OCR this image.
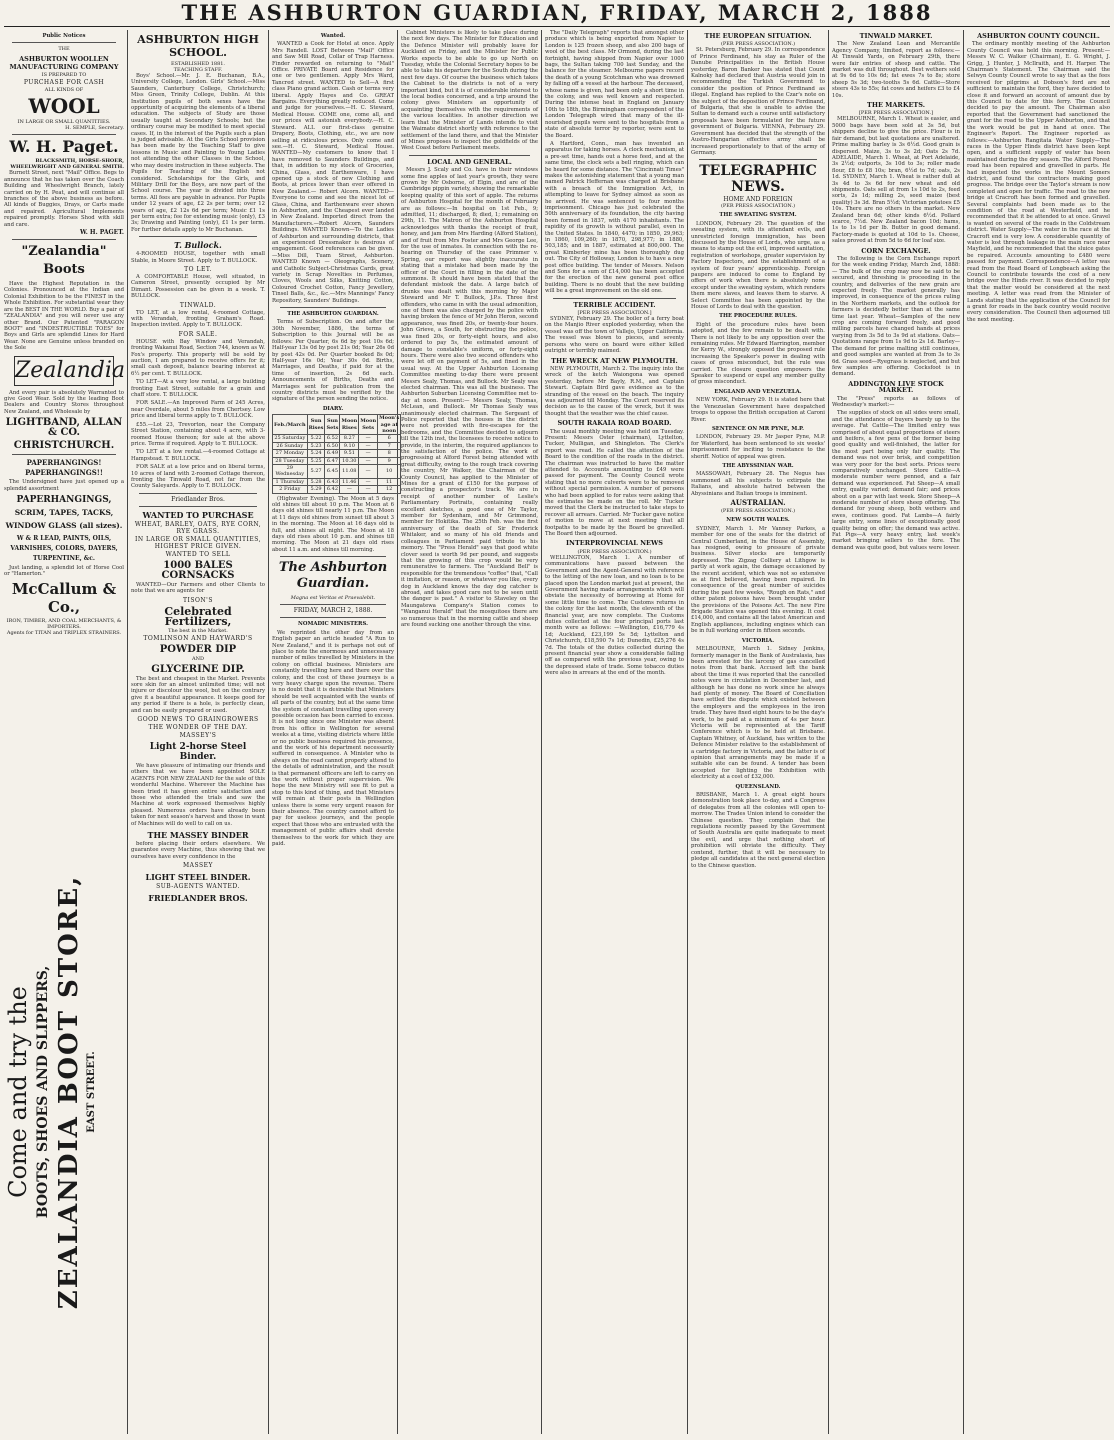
THE ASHBURTON GUARDIAN, FRIDAY, MARCH 2, 1888
Public Notices
THE
ASHBURTON WOOLLEN MANUFACTURING COMPANY
IS PREPARED TO
PURCHASE FOR CASH
ALL KINDS OF
WOOL
IN LARGE OR SMALL QUANTITIES.
H. SEMPLE, Secretary.
W. H. Paget.
BLACKSMITH, HORSE-SHOER, WHEELWRIGHT AND GENERAL SMITH.
Burnett Street, next "Mail" Office. Begs to announce that he has taken over the Coach Building and Wheelwright Branch, lately carried on by H. Peat, and will continue all branches of the above business as before. All kinds of Buggies, Drays, or Carts made and repaired. Agricultural Implements repaired promptly. Horses Shod with skill and care.
W. H. PAGET.
"Zealandia" Boots
Have the Highest Reputation in the Colonies. Pronounced at the Indian and Colonial Exhibition to be the FINEST in the Whole Exhibition. For substantial wear they are the BEST IN THE WORLD. Buy a pair of "ZEALANDIA" and you will never use any other Brand. Our Patented "PARAGON BOOT" and "INDESTRUCTIBLE TOES" for Boys and Girls are splendid Lines for Hard Wear. None are Genuine unless branded on the Sole
Zealandia
And every pair is absolutely Warranted to give Good Wear. Sold by the leading Boot Dealers and Country Stores throughout New Zealand, and Wholesale by
LIGHTBAND, ALLAN & CO.
CHRISTCHURCH.
PAPERHANGINGS! PAPERHANGINGS!!
The Undersigned have just opened up a splendid assortment
PAPERHANGINGS,
SCRIM, TAPES, TACKS,
WINDOW GLASS (all sizes).
W & R LEAD, PAINTS, OILS, VARNISHES, COLORS, DAYERS, TURPENTINE, &c.
Just landing, a splendid lot of Horse Cool or "Hamerton."
McCallum & Co.,
IRON, TIMBER, AND COAL MERCHANTS, & IMPORTERS.
Agents for TITAN and TRIPLEX STRAINERS.
Come and try the BOOTS, SHOES AND SLIPPERS, ZEALANDIA BOOT STORE, EAST STREET.
ASHBURTON HIGH SCHOOL.
ESTABLISHED 1881.
TEACHING STAFF.
Boys' School.—Mr. J. E. Buchanan, B.A., University College, London. Girls' School.—Miss Saunders, Canterbury College, Christchurch; Miss Green, Trinity College, Dublin. At this Institution pupils of both sexes have the opportunity of acquiring the elements of a liberal education. The subjects of Study are those usually taught at Secondary Schools; but the ordinary course may be modified to meet special cases. If, in the interest of the Pupils such a plan is judged advisable. At the Girls School provision has been made by the Teaching Staff to give lessons in Music and Painting to Young Ladies not attending the other Classes in the School, who may desire instruction in these subjects. The Pupils for Teaching of the English not considered. Scholarships for the Girls, and Military Drill for the Boys, are now part of the School course. The year is divided into three terms. All fees are payable in advance. For Pupils under 12 years of age, £2 2s per term; over 12 years of age, £2 12s 6d per term; Music £1 1s per term extra; fee for extending music (only), £3 3s; Drawing and Painting (only), £1 1s per term. For further details apply to Mr Buchanan.
T. Bullock.
4-ROOMED HOUSE, together with small Stable, in Moore Street. Apply to T. BULLOCK.
TO LET.
A COMFORTABLE House, well situated, in Cameron Street, presently occupied by Mr Dimant. Possession can be given in a week. T. BULLOCK.
TINWALD.
TO LET, at a low rental, 4-roomed Cottage, with Verandah, fronting Graham's Road. Inspection invited. Apply to T. BULLOCK.
FOR SALE.
HOUSE with Bay Window and Verandah, fronting Wakanui Road, Section 744, known as W. Fox's property. This property will be sold by auction, I am prepared to receive offers for it; small cash deposit, balance bearing interest at 6½ per cent. T. BULLOCK.
TO LET—At a very low rental, a large building fronting East Street, suitable for a grain and chaff store. T. BULLOCK.
FOR SALE.—An Improved Farm of 245 Acres, near Overdale, about 5 miles from Chertsey. Low price and liberal terms apply to T. BULLOCK.
£55.—Lot 23, Trevorton, near the Company Street Station, containing about 4 acre, with 3-roomed House thereon; for sale at the above price. Terms if required. Apply to T. BULLOCK.
TO LET at a low rental.—4-roomed Cottage at Hampstead. T. BULLOCK.
FOR SALE at a low price and on liberal terms, 10 acres of land with 2-roomed Cottage thereon, fronting the Tinwald Road, not far from the County Saleyards. Apply to T. BULLOCK.
Friedlander Bros.
WANTED TO PURCHASE
WHEAT, BARLEY, OATS, RYE CORN, RYE GRASS.
IN LARGE OR SMALL QUANTITIES, HIGHEST PRICE GIVEN.
WANTED TO SELL
1000 BALES CORNSACKS
WANTED—Our Farmers and other Clients to note that we are agents for
TISON'S
Celebrated Fertilizers,
The best in the Market.
TOMLINSON AND HAYWARD'S
POWDER DIP
AND
GLYCERINE DIP.
The best and cheapest in the Market. Prevents sore skin for an almost unlimited time; will not injure or discolour the wool, but on the contrary give it a beautiful appearance. It keeps good for any period if there is a hole, is perfectly clean, and can be easily prepared or used.
GOOD NEWS TO GRAINGROWERS
THE WONDER OF THE DAY.
MASSEY'S
Light 2-horse Steel Binder.
We have pleasure of intimating our friends and others that we have been appointed SOLE AGENTS FOR NEW ZEALAND for the sale of this wonderful Machine. Wherever the Machine has been tried it has given entire satisfaction and those who attended the trials and saw the Machine at work expressed themselves highly pleased. Numerous orders have already been taken for next season's harvest and those in want of Machines will do well to call on us.
THE MASSEY BINDER
before placing their orders elsewhere. We guarantee every Machine, thus showing that we ourselves have every confidence in the
MASSEY
LIGHT STEEL BINDER.
SUB-AGENTS WANTED.
FRIEDLANDER BROS.
Wanted.
WANTED a Cook for Hotel at once. Apply Mrs Randell. LOST Between "Mail" Office and Saw Mill Road, Collar of Trap Harness. Finder rewarded on returning to "Mail" Office. PRIVATE Board and Residence for one or two gentlemen. Apply Mrs Ward, Tancred street. WANTED to Sell—A first class Piano grand action. Cash or terms very liberal. Apply Hayes and Co. GREAT Bargains. Everything greatly reduced. Come and judge for yourselves.—H. C. Steward, Medical House. COME one, come all, and our prices will astonish everybody.—H. C. Steward. ALL our first-class genuine Drapery, Boots, Clothing, etc., we are now selling at ridiculous prices. Only come and see.—H. C. Steward, Medical House. WANTED—My customers to know that I have removed to Saunders Buildings, and that, in addition to my stock of Groceries, China, Glass, and Earthenware, I have opened up a stock of new Clothing and Boots, at prices lower than ever offered in New Zealand.— Robert Alcorn. WANTED—Everyone to come and see the nicest lot of Glass, China, and Earthenware ever shown in Ashburton, and the Cheapest ever landed in New Zealand. Imported direct from the Manufacturers.—Robert Alcorn, Saunders Buildings. WANTED Known—To the Ladies of Ashburton and surrounding districts, that an experienced Dressmaker is desirous of engagement. Good references can be given.—Miss Dill, Tuam Street, Ashburton. WANTED Known — Oleographs, Scenery, and Catholic Subject-Christmas Cards, great variety in Scrap Novelties in Perfumes, Cloves, Wools and Silks, Knitting Cotton, Coloured Crochet Cotton, Fancy Jewellery, Tinsel Balls, &c., &c.—Mrs Mannings' Fancy Repository, Saunders' Buildings.
THE ASHBURTON GUARDIAN.
Terms of Subscription. On and after the 30th November, 1886, the terms of Subscription to this Journal will be as follows: Per Quarter, 6s 6d by post 10s 6d; Half-year 13s 0d by post 21s 0d; Year 26s 0d by post 42s 0d. Per Quarter booked 8s 0d; Half-year 16s 0d; Year 30s 0d. Births, Marriages, and Deaths, if paid for at the time of insertion, 2s 6d each. Announcements of Births, Deaths and Marriages sent for publication from the country districts must be verified by the signature of the person sending the notice.
DIARY.
Feb./March	Sun Rises	Sun Sets	Moon Rises	Moon Sets	Moon's age at noon
25 Saturday	5.22	6.52	8.27	—	6
26 Sunday	5.23	6.50	9.10	—	7
27 Monday	5.24	6.49	9.51	—	8
28 Tuesday	5.25	6.47	10.30	—	9
29 Wednesday	5.27	6.45	11.08	—	10
1 Thursday	5.28	6.43	11.46	—	11
2 Friday	5.29	6.42	—	—	12
(Highwater Evening). The Moon at 5 days old shines till about 10 p.m. The Moon at 6 days old shines till nearly 11 p.m. The Moon at 11 days old shines from sunset till about 3 in the morning. The Moon at 16 days old is full, and shines all night. The Moon at 18 days old rises about 10 p.m. and shines till morning. The Moon at 21 days old rises about 11 a.m. and shines till morning.
The Ashburton Guardian.
Magna est Veritas et Praevalebit.
FRIDAY, MARCH 2, 1888.
NOMADIC MINISTERS.
We reprinted the other day from an English paper an article headed "A Run to New Zealand," and it is perhaps not out of place to note the enormous and unnecessary number of miles travelled by Ministers in the colony on official business. Ministers are constantly travelling here and there over the colony, and the cost of these journeys is a very heavy charge upon the revenue. There is no doubt that it is desirable that Ministers should be well acquainted with the wants of all parts of the country, but at the same time the system of constant travelling upon every possible occasion has been carried to excess. It is not long since one Minister was absent from his office in Wellington for several weeks at a time, visiting districts where little or no public business required his presence, and the work of his department necessarily suffered in consequence. A Minister who is always on the road cannot properly attend to the details of administration, and the result is that permanent officers are left to carry on the work without proper supervision. We hope the new Ministry will see fit to put a stop to this kind of thing, and that Ministers will remain at their posts in Wellington unless there is some very urgent reason for their absence. The country cannot afford to pay for useless journeys, and the people expect that those who are entrusted with the management of public affairs shall devote themselves to the work for which they are paid.
Cabinet Ministers is likely to take place during the next few days. The Minister for Education and the Defence Minister will probably leave for Auckland on Friday, and the Minister for Public Works expects to be able to go up North on Tuesday, while the Colonial Secretary hopes to be able to take his departure for the South during the next few days. Of course the business which takes the Cabinet to the districts is not of a very important kind, but it is of considerable interest to the local bodies concerned, and a trip around the colony gives Ministers an opportunity of acquainting themselves with the requirements of the various localities. In another direction we learn that the Minister of Lands intends to visit the Waimate district shortly with reference to the settlement of the land there, and that the Minister of Mines proposes to inspect the goldfields of the West Coast before Parliament meets.
LOCAL AND GENERAL.
Messrs J. Scaly and Co. have in their windows some fine apples of last year's growth, they were grown by Mr Osborne, of Elgin, and are of the Cambridge pippin variety, showing the remarkable keeping quality of this sort of apple. The returns of Ashburton Hospital for the month of February are as follows:—In hospital on 1st Feb., 9; admitted, 11; discharged, 8; died, 1; remaining on 29th, 11. The Matron of the Ashburton Hospital acknowledges with thanks the receipt of fruit, honey, and jam from Mrs Harding (Alford Station), and of fruit from Mrs Foster and Mrs George Lee, for the use of inmates. In connection with the re-hearing on Thursday of the case Primmer v. Spring, our report was slightly inaccurate in stating that a mistake had been made by the officer of the Court in filling in the date of the summons. It should have been stated that the defendant mistook the date. A large batch of drunks was dealt with this morning by Major Steward and Mr T. Bullock, J.P.s. Three first offenders, who came in with the usual admonition, one of them was also charged by the police with having broken the fence of Mr John Heron, second appearance, was fined 20s, or twenty-four hours. John Grieve, a South, for obstructing the police, was fined 20s, or forty-eight hours, and also ordered to pay 5s, the estimated amount of damage to constable's uniform, or forty-eight hours. There were also two second offenders who were let off on payment of 5s, and fined in the usual way. At the Upper Ashburton Licensing Committee meeting to-day there were present Messrs Sealy, Thomas, and Bullock. Mr Sealy was elected chairman. This was all the business. The Ashburton Suburban Licensing Committee met to-day at noon. Present:— Messrs Sealy, Thomas, McLean, and Bullock. Mr Thomas Sealy was unanimously elected chairman. The Sergeant of Police reported that the houses in the district were not provided with fire-escapes for the bedrooms, and the Committee decided to adjourn till the 12th inst, the licensees to receive notice to provide, in the interim, the required appliances to the satisfaction of the police. The work of progressing at Alford Forest being attended with great difficulty, owing to the rough track covering the country, Mr Walker, the Chairman of the County Council, has applied to the Minister of Mines for a grant of £150 for the purpose of constructing a prospector's track. We are in receipt of another number of Leslie's Parliamentary Portraits, containing really excellent sketches, a good one of Mr Taylor, member for Sydenham, and Mr Grimmond, member for Hokitika. The 25th Feb. was the first anniversary of the death of Sir Frederick Whitaker, and so many of his old friends and colleagues in Parliament paid tribute to his memory. The "Press Herald" says that good white clover seed is worth 9d per pound, and suggests that the growing of this crop would be very remunerative to farmers. The "Auckland Bell" is responsible for the tremendous "coffee" that, "Call it imitation, or reason, or whatever you like, every dog in Auckland knows the day dog catcher is abroad, and takes good care not to be seen until the danger is past." A visitor to Staveley on the Maungatewa Company's Station comes to "Wanganui Herald" that the mosquitoes there are so numerous that in the morning cattle and sheep are found sucking one another through the vine.
The "Daily Telegraph" reports that amongst other produce which is being exported from Napier to London is 125 frozen sheep, and also 200 bags of wool of the best class. Mr Ormond, during the last fortnight, having shipped from Napier over 1000 bags, the Sultan taking 700 last Sunday, and the balance for the steamer. Melbourne papers record the death of a young Scotchman who was drowned by falling off a vessel at the harbour. The deceased, whose name is given, had been only a short time in the colony, and was well known and respected. During the intense heat in England on January 10th to 18th, the Birmingham correspondent of the London Telegraph wired that many of the ill-nourished pupils were sent to the hospitals from a state of absolute terror by reporter, were sent to the Board.
A Hartford, Conn., man has invented an apparatus for taking horses. A clock mechanism, at a pre-set time, hands out a horse feed, and at the same time, the clock sets a bell ringing, which can be heard for some distance. The "Cincinnati Times" makes the astonishing statement that a young man named Patrick Heffernan was charged at Brisbane with a breach of the Immigration Act, in attempting to leave for Sydney almost as soon as he arrived. He was sentenced to four months imprisonment. Chicago has just celebrated the 50th anniversary of its foundation, the city having been formed in 1837, with 4170 inhabitants. The rapidity of its growth is without parallel, even in the United States. In 1840, 4470; in 1850, 29,963; in 1860, 109,260; in 1870, 298,977; in 1880, 503,185; and in 1887, estimated at 800,000. The great Kimberley mine has been thoroughly dug out. The City of Holloway, London is to have a new post office building. The tender of Messrs. Nelson and Sons for a sum of £14,000 has been accepted for the erection of the new general post office building. There is no doubt that the new building will be a great improvement on the old one.
TERRIBLE ACCIDENT.
[PER PRESS ASSOCIATION.]
SYDNEY, February 29. The boiler of a ferry boat on the Manjio River exploded yesterday, when the vessel was off the town of Vallejo, Upper California. The vessel was blown to pieces, and seventy persons who were on board were either killed outright or terribly maimed.
THE WRECK AT NEW PLYMOUTH.
NEW PLYMOUTH, March 2. The inquiry into the wreck of the ketch Waiongona was opened yesterday, before Mr Bayly, R.M., and Captain Stewart. Captain Bird gave evidence as to the stranding of the vessel on the beach. The inquiry was adjourned till Monday. The Court reserved its decision as to the cause of the wreck, but it was thought that the weather was the chief cause.
SOUTH RAKAIA ROAD BOARD.
The usual monthly meeting was held on Tuesday. Present: Messrs Oster (chairman), Lyttelton, Tucker, Mulligan, and Shingleton. The Clerk's report was read. He called the attention of the Board to the condition of the roads in the district. The chairman was instructed to have the matter attended to. Accounts amounting to £49 were passed for payment. The County Council wrote stating that no more culverts were to be removed without special permission. A number of persons who had been applied to for rates were asking that the estimates be made on the roll. Mr Tucker moved that the Clerk be instructed to take steps to recover all arrears. Carried. Mr Tucker gave notice of motion to move at next meeting that all footpaths to be made by the Board be gravelled. The Board then adjourned.
INTERPROVINCIAL NEWS
(PER PRESS ASSOCIATION.)
WELLINGTON, March 1. A number of communications have passed between the Government and the Agent-General with reference to the letting of the new loan, and no loan is to be placed upon the London market just at present, the Government having made arrangements which will obviate the necessity of borrowing at Home for some little time to come. The Customs returns in the colony for the last month, the eleventh of the financial year, are now complete. The Customs duties collected at the four principal ports last month were as follows: —Wellington, £16,779 4s 1d; Auckland, £23,199 5s 5d; Lyttelton and Christchurch, £18,590 7s 1d; Dunedin, £25,276 4s 7d. The totals of the duties collected during the present financial year show a considerable falling off as compared with the previous year, owing to the depressed state of trade. Some tobacco duties were also in arrears at the end of the month.
THE EUROPEAN SITUATION.
(PER PRESS ASSOCIATION.)
St. Petersburg, February 29. In correspondence of Prince Ferdinand, his stay as Ruler of the Danube Principalities in the British House yesterday, Baron Banker has stated that Count Kalnoky had declared that Austria would join in recommending the Turkish Government to consider the position of Prince Ferdinand as illegal. England has replied to the Czar's note on the subject of the deposition of Prince Ferdinand, of Bulgaria, that she is unable to advise the Sultan to demand such a course until satisfactory proposals have been formulated for the future government of Bulgaria. VIENNA, February 29. Government has decided that the strength of the Austro-Hungarian effective army shall be increased proportionately to that of the army of Germany.
TELEGRAPHIC NEWS.
HOME AND FOREIGN
(PER PRESS ASSOCIATION.)
THE SWEATING SYSTEM.
LONDON, February 29. The question of the sweating system, with its attendant evils, and unrestricted foreign immigration, has been discussed by the House of Lords, who urge, as a means to stamp out the evil, improved sanitation, registration of workshops, greater supervision by Factory Inspectors, and the establishment of a system of four years' apprenticeship. Foreign paupers are induced to come to England by offers of work when there is absolutely none except under the sweating system, which renders them mere slaves, and leaves them to starve. A Select Committee has been appointed by the House of Lords to deal with the question.
THE PROCEDURE RULES.
Eight of the procedure rules have been adopted, and the few remain to be dealt with. There is not likely to be any opposition over the remaining rules. Mr Edward Harrington, member for Kerry W., strongly opposed the proposed rule increasing the Speaker's power in dealing with cases of gross misconduct, but the rule was carried. The closure question empowers the Speaker to suspend or expel any member guilty of gross misconduct.
ENGLAND AND VENEZUELA.
NEW YORK, February 29. It is stated here that the Venezuelan Government have despatched troops to oppose the British occupation at Caroni River.
SENTENCE ON MR PYNE, M.P.
LONDON, February 29. Mr Jasper Pyne, M.P. for Waterford, has been sentenced to six weeks' imprisonment for inciting to resistance to the sheriff. Notice of appeal was given.
THE ABYSSINIAN WAR.
MASSOWAH, February 28. The Negus has summoned all his subjects to extirpate the Italians, and absolute hatred between the Abyssinians and Italian troops is imminent.
AUSTRALIAN.
(PER PRESS ASSOCIATION.)
NEW SOUTH WALES.
SYDNEY, March 1. Mr Vanney Parkes, a member for one of the seats for the district of Central Cumberland, in the House of Assembly, has resigned, owing to pressure of private business. Silver stocks are temporarily depressed. The Zigzag Colliery at Lithgow is partly at work again, the damage occasioned by the recent accident, which was not so extensive as at first believed, having been repaired. In consequence of the great number of suicides during the past few weeks, "Rough on Rats," and other patent poisons have been brought under the provisions of the Poisons Act. The new Fire Brigade Station was opened this evening. It cost £14,000, and contains all the latest American and English appliances, including engines which can be in full working order in fifteen seconds.
VICTORIA.
MELBOURNE, March 1. Sidney Jenkins, formerly manager in the Bank of Australasia, has been arrested for the larceny of gas cancelled notes from that bank. Accused left the bank about the time it was reported that the cancelled notes were in circulation in December last, and although he has done no work since he always had plenty of money. The Board of Conciliation have settled the dispute which existed between the employers and the employees in the iron trade. They have fixed eight hours to be the day's work, to be paid at a minimum of 4s per hour. Victoria will be represented at the Tariff Conference which is to be held at Brisbane. Captain Whitney, of Auckland, has written to the Defence Minister relative to the establishment of a cartridge factory in Victoria, and the latter is of opinion that arrangements may be made if a suitable site can be found. A tender has been accepted for lighting the Exhibition with electricity at a cost of £32,000.
QUEENSLAND.
BRISBANE, March 1. A great eight hours demonstration took place to-day, and a Congress of delegates from all the colonies will open to-morrow. The Trades Union intend to consider the Chinese question. They complain that the regulations recently passed by the Government of South Australia are quite inadequate to meet the evil, and urge that nothing short of prohibition will obviate the difficulty. They contend, further, that it will be necessary to pledge all candidates at the next general election to the Chinese question.
TINWALD MARKET.
The New Zealand Loan and Mercantile Agency Company, limited, report as follows:—At Tinwald Yards, on February 29th, there were fair entries of sheep and cattle. The market was dull throughout. Best wethers sold at 9s 6d to 10s 6d; fat ewes 7s to 8s; store sheep 5s 3d; two-tooths 5s 6d. Cattle—Store steers 43s to 55s; fat cows and heifers £3 to £4 10s.
THE MARKETS.
[PER PRESS ASSOCIATION.]
MELBOURNE, March 1. Wheat is easier, and 5000 bags have been sold at 3s 5d, but shippers decline to give the price. Flour is in fair demand, but last quotations are unaltered. Prime malting barley is 3s 6½d. Good grain is dispersed. Maize, 3s to 3s 2d; Oats 2s 7d. ADELAIDE, March 1. Wheat, at Port Adelaide, 3s 2½d; outports, 3s 10d to 3s; roller made flour, £8 to £8 10s; bran, 6½d to 7d; oats, 2s 1d. SYDNEY, March 1. Wheat is rather dull at 3s 4d to 3s 6d for new wheat and old shipments. Oats sell at from 1s 10d to 2s, feed sorts, 2s 1d; milling 2s, seed maize (best quality) 3s 3d. Bran 5½d; Victorian potatoes £5 10s. There are no others in the market. New Zealand bran 6d; other kinds 6½d. Pollard scarce, 7½d. New Zealand bacon 10d; hams, 1s to 1s 1d per lb. Butter in good demand. Factory-made is quoted at 10d to 1s. Cheese, sales proved at from 5d to 6d for loaf size.
CORN EXCHANGE.
The following is the Corn Exchange report for the week ending Friday, March 2nd, 1888:— The bulk of the crop may now be said to be secured, and threshing is proceeding in the country, and deliveries of the new grain are expected freely. The market generally has improved, in consequence of the prices ruling in the Northern markets, and the outlook for farmers is decidedly better than at the same time last year. Wheat—Samples of the new crop are coming forward freely, and good milling parcels have changed hands at prices varying from 3s 5d to 3s 9d at stations. Oats—Quotations range from 1s 9d to 2s 1d. Barley—The demand for prime malting still continues, and good samples are wanted at from 3s to 3s 6d. Grass seed—Ryegrass is neglected, and but few samples are offering. Cocksfoot is in demand.
ADDINGTON LIVE STOCK MARKET.
The "Press" reports as follows of Wednesday's market:—
The supplies of stock on all sides were small, and the attendance of buyers barely up to the average. Fat Cattle—The limited entry was comprised of about equal proportions of steers and heifers, a few pens of the former being good quality and well-finished, the latter for the most part being only fair quality. The demand was not over brisk, and competition was very poor for the best sorts. Prices were comparatively unchanged. Store Cattle—A moderate number were penned, and a fair demand was experienced. Fat Sheep—A small entry, quality varied; demand fair; and prices about on a par with last week. Store Sheep—A moderate number of store sheep offering. The demand for young sheep, both wethers and ewes, continues good. Fat Lambs—A fairly large entry, some lines of exceptionally good quality being on offer; the demand was active. Fat Pigs—A very heavy entry, last week's market bringing sellers to the fore. The demand was quite good, but values were lower.
ASHBURTON COUNTY COUNCIL.
The ordinary monthly meeting of the Ashburton County Council was held this morning. Present:—Messrs W. C. Walker (Chairman), E. G. Wright, J. Grigg, J. Hunter, J. McIlraith, and H. Harper. The Chairman's Statement. The Chairman said the Selwyn County Council wrote to say that as the fees received for pilgrims at Dobson's ford are not sufficient to maintain the ford, they have decided to close it and forward an account of amount due by this Council to date for this ferry. The Council decided to pay the amount. The Chairman also reported that the Government had sanctioned the grant for the road to the Upper Ashburton, and that the work would be put in hand at once. The Engineer's Report. The Engineer reported as follows:—Ashburton Rangitata Water Supply—The races in the Upper Hinds district have been kept open, and a sufficient supply of water has been maintained during the dry season. The Alford Forest road has been repaired and gravelled in parts. He had inspected the works in the Mount Somers district, and found the contractors making good progress. The bridge over the Taylor's stream is now completed and open for traffic. The road to the new bridge at Cracroft has been formed and gravelled. Several complaints had been made as to the condition of the road at Westerfield, and he recommended that it be attended to at once. Gravel is wanted on several of the roads in the Coldstream district. Water Supply—The water in the race at the Cracroft end is very low. A considerable quantity of water is lost through leakage in the main race near Mayfield, and he recommended that the sluice gates be repaired. Accounts amounting to £480 were passed for payment. Correspondence—A letter was read from the Road Board of Longbeach asking the Council to contribute towards the cost of a new bridge over the Hinds river. It was decided to reply that the matter would be considered at the next meeting. A letter was read from the Minister of Lands stating that the application of the Council for a grant for roads in the back country would receive every consideration. The Council then adjourned till the next meeting.
